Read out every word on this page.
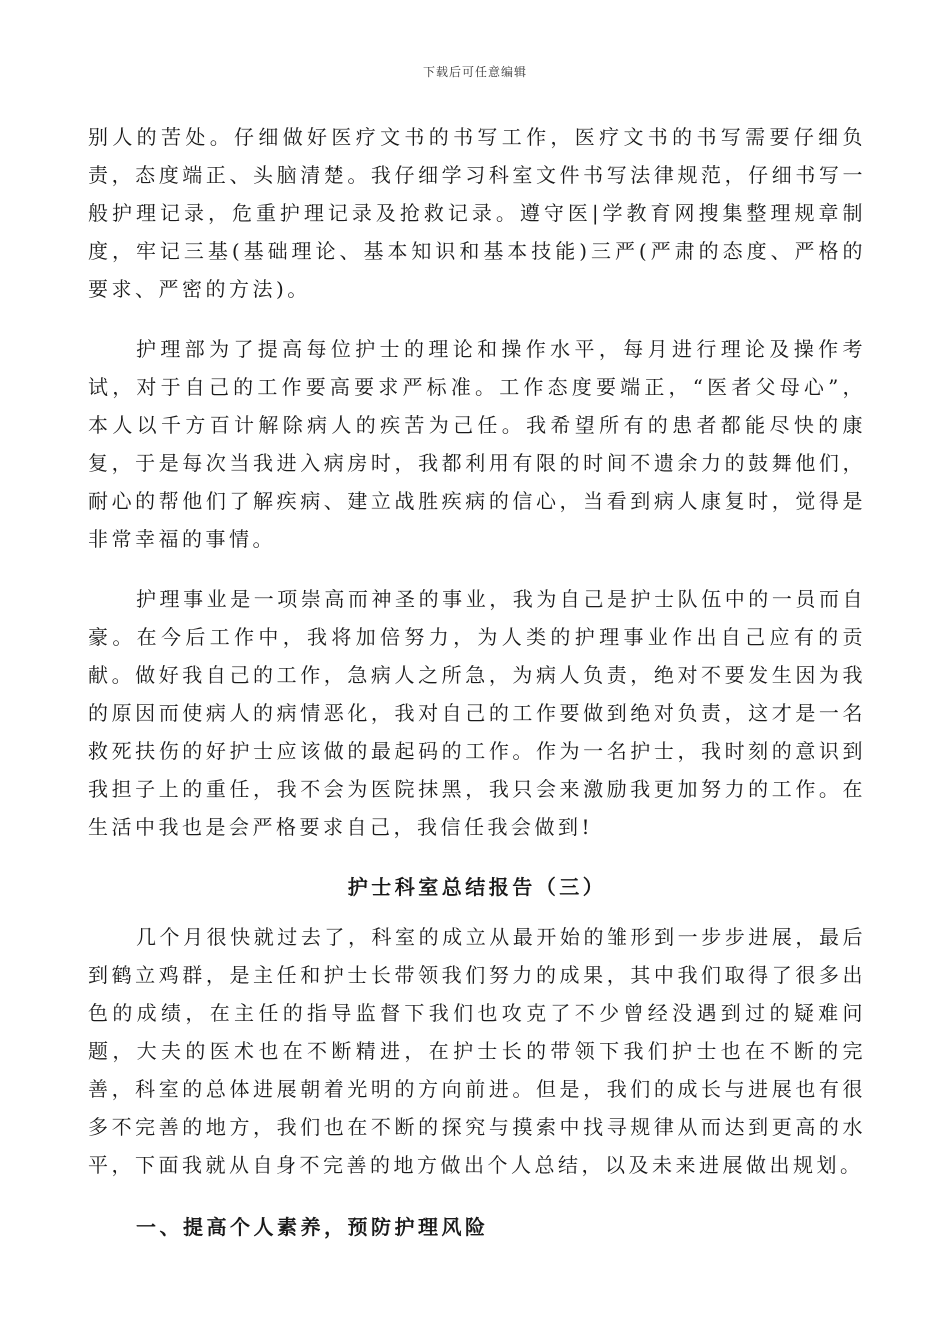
下载后可任意编辑

别人的苦处。仔细做好医疗文书的书写工作，医疗文书的书写需要仔细负责，态度端正、头脑清楚。我仔细学习科室文件书写法律规范，仔细书写一般护理记录，危重护理记录及抢救记录。遵守医|学教育网搜集整理规章制度，牢记三基(基础理论、基本知识和基本技能)三严(严肃的态度、严格的要求、严密的方法)。

护理部为了提高每位护士的理论和操作水平，每月进行理论及操作考试，对于自己的工作要高要求严标准。工作态度要端正，“医者父母心”，本人以千方百计解除病人的疾苦为己任。我希望所有的患者都能尽快的康复，于是每次当我进入病房时，我都利用有限的时间不遗余力的鼓舞他们，耐心的帮他们了解疾病、建立战胜疾病的信心，当看到病人康复时，觉得是非常幸福的事情。

护理事业是一项崇高而神圣的事业，我为自己是护士队伍中的一员而自豪。在今后工作中，我将加倍努力，为人类的护理事业作出自己应有的贡献。做好我自己的工作，急病人之所急，为病人负责，绝对不要发生因为我的原因而使病人的病情恶化，我对自己的工作要做到绝对负责，这才是一名救死扶伤的好护士应该做的最起码的工作。作为一名护士，我时刻的意识到我担子上的重任，我不会为医院抹黑，我只会来激励我更加努力的工作。在生活中我也是会严格要求自己，我信任我会做到!

护士科室总结报告（三）

几个月很快就过去了，科室的成立从最开始的雏形到一步步进展，最后到鹤立鸡群，是主任和护士长带领我们努力的成果，其中我们取得了很多出色的成绩，在主任的指导监督下我们也攻克了不少曾经没遇到过的疑难问题，大夫的医术也在不断精进，在护士长的带领下我们护士也在不断的完善，科室的总体进展朝着光明的方向前进。但是，我们的成长与进展也有很多不完善的地方，我们也在不断的探究与摸索中找寻规律从而达到更高的水平，下面我就从自身不完善的地方做出个人总结，以及未来进展做出规划。

一、提高个人素养，预防护理风险
